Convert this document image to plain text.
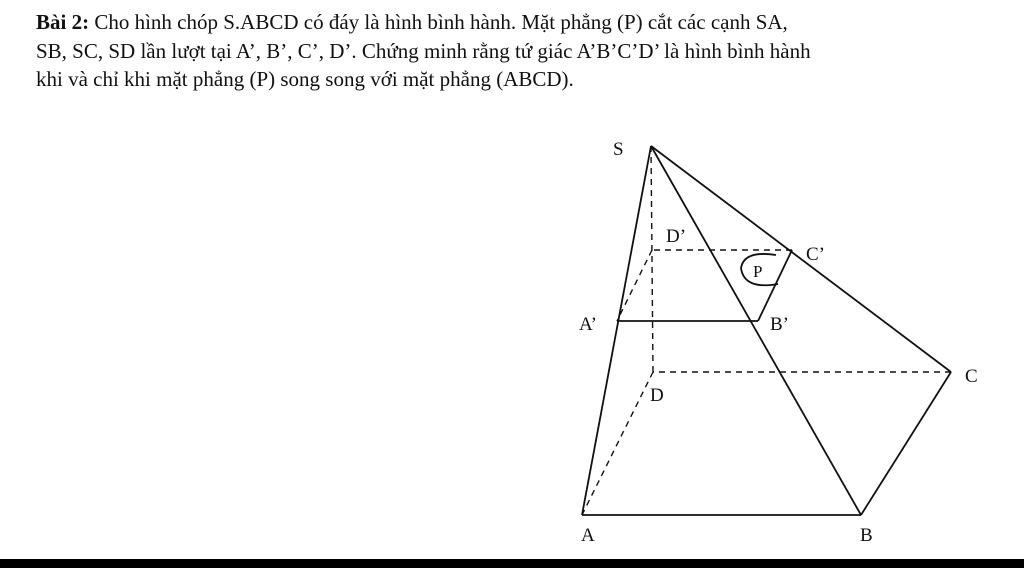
Bài 2: Cho hình chóp S.ABCD có đáy là hình bình hành. Mặt phẳng (P) cắt các cạnh SA,
SB, SC, SD lần lượt tại A’, B’, C’, D’. Chứng minh rằng tứ giác A’B’C’D’ là hình bình hành
khi và chỉ khi mặt phẳng (P) song song với mặt phẳng (ABCD).
S
A	B
C
D
A’	B’
C’
D’
P
